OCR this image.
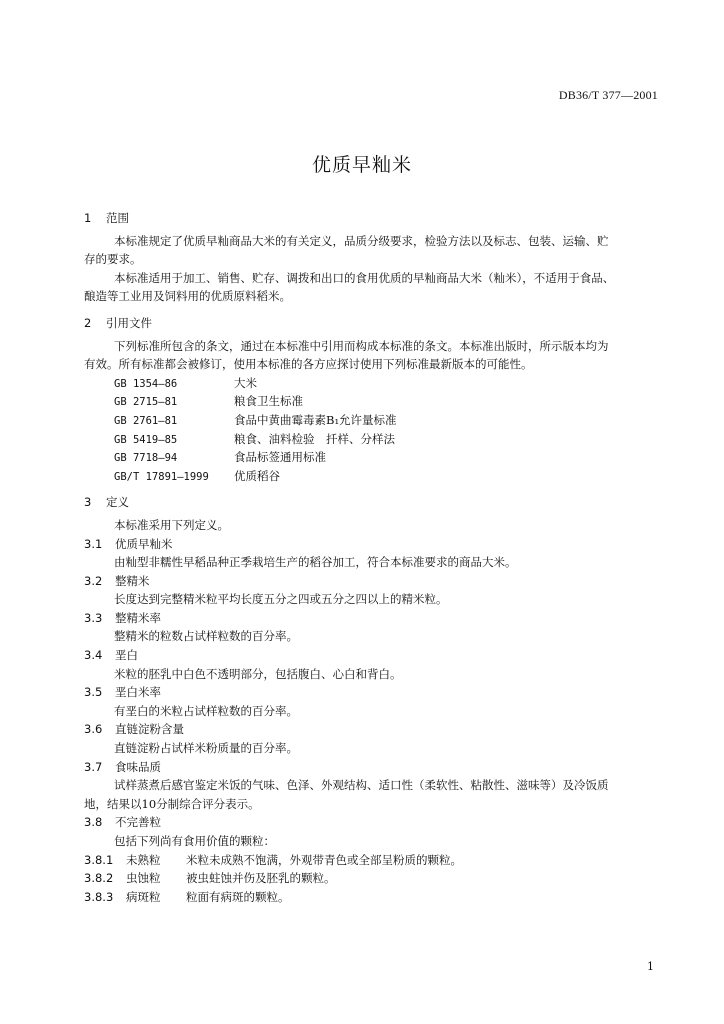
DB36/T 377—2001
优质早籼米
1 范围
本标准规定了优质早籼商品大米的有关定义，品质分级要求，检验方法以及标志、包装、运输、贮
存的要求。
本标准适用于加工、销售、贮存、调拨和出口的食用优质的早籼商品大米（籼米），不适用于食品、
酿造等工业用及饲料用的优质原料稻米。
2 引用文件
下列标准所包含的条文，通过在本标准中引用而构成本标准的条文。本标准出版时，所示版本均为
有效。所有标准都会被修订，使用本标准的各方应探讨使用下列标准最新版本的可能性。
GB 1354—86	大米
GB 2715—81	粮食卫生标准
GB 2761—81	食品中黄曲霉毒素B₁允许量标准
GB 5419—85	粮食、油料检验　扦样、分样法
GB 7718—94	食品标签通用标准
GB/T 17891—1999 优质稻谷
3 定义
本标准采用下列定义。
3.1 优质早籼米
由籼型非糯性早稻品种正季栽培生产的稻谷加工，符合本标准要求的商品大米。
3.2 整精米
长度达到完整精米粒平均长度五分之四或五分之四以上的精米粒。
3.3 整精米率
整精米的粒数占试样粒数的百分率。
3.4 垩白
米粒的胚乳中白色不透明部分，包括腹白、心白和背白。
3.5 垩白米率
有垩白的米粒占试样粒数的百分率。
3.6 直链淀粉含量
直链淀粉占试样米粉质量的百分率。
3.7 食味品质
试样蒸煮后感官鉴定米饭的气味、色泽、外观结构、适口性（柔软性、粘散性、滋味等）及冷饭质
地，结果以10分制综合评分表示。
3.8 不完善粒
包括下列尚有食用价值的颗粒：
3.8.1 未熟粒 米粒未成熟不饱满，外观带青色或全部呈粉质的颗粒。
3.8.2 虫蚀粒 被虫蛀蚀并伤及胚乳的颗粒。
3.8.3 病斑粒 粒面有病斑的颗粒。
1
